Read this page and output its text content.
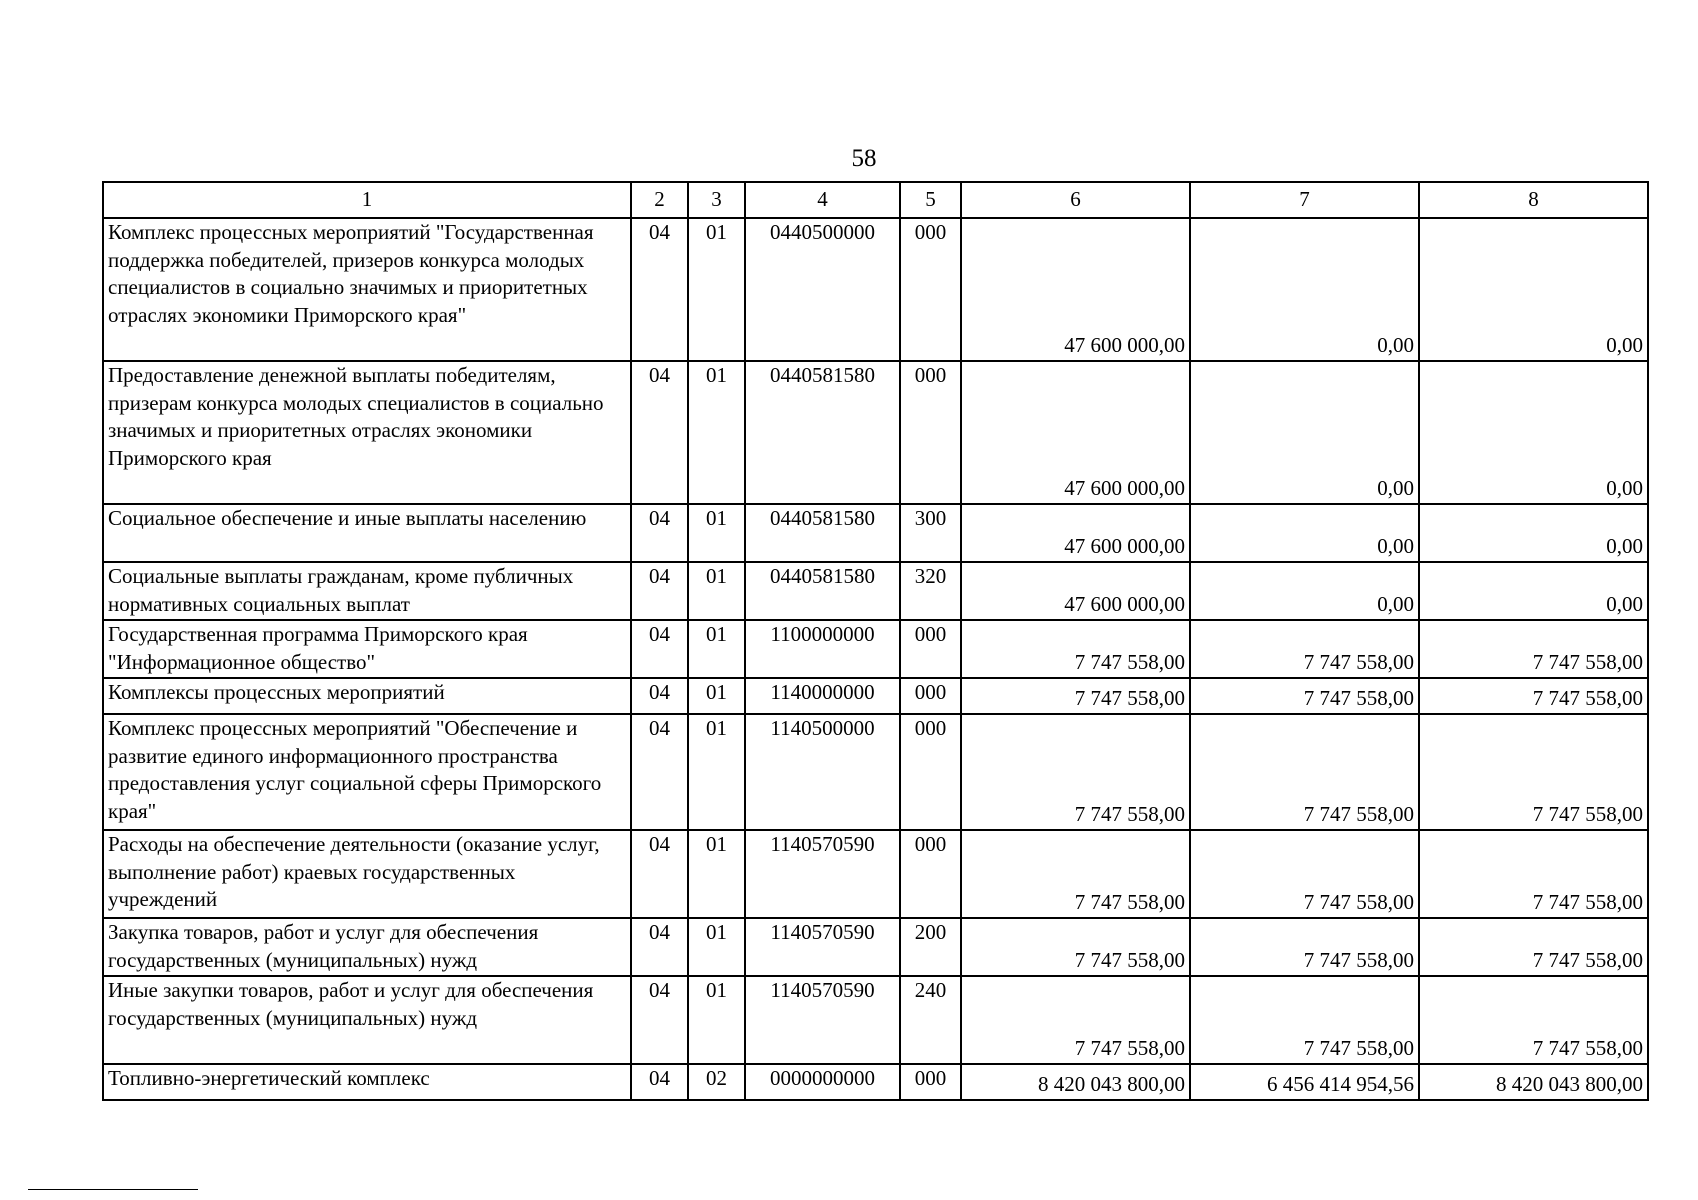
58
1	2	3	4	5	6	7	8
Комплекс процессных мероприятий "Государственная поддержка победителей, призеров конкурса молодых специалистов в социально значимых и приоритетных отраслях экономики Приморского края"	04	01	0440500000	000	47 600 000,00	0,00	0,00
Предоставление денежной выплаты победителям, призерам конкурса молодых специалистов в социально значимых и приоритетных отраслях экономики Приморского края	04	01	0440581580	000	47 600 000,00	0,00	0,00
Социальное обеспечение и иные выплаты населению	04	01	0440581580	300	47 600 000,00	0,00	0,00
Социальные выплаты гражданам, кроме публичных нормативных социальных выплат	04	01	0440581580	320	47 600 000,00	0,00	0,00
Государственная программа Приморского края "Информационное общество"	04	01	1100000000	000	7 747 558,00	7 747 558,00	7 747 558,00
Комплексы процессных мероприятий	04	01	1140000000	000	7 747 558,00	7 747 558,00	7 747 558,00
Комплекс процессных мероприятий "Обеспечение и развитие единого информационного пространства предоставления услуг социальной сферы Приморского края"	04	01	1140500000	000	7 747 558,00	7 747 558,00	7 747 558,00
Расходы на обеспечение деятельности (оказание услуг, выполнение работ) краевых государственных учреждений	04	01	1140570590	000	7 747 558,00	7 747 558,00	7 747 558,00
Закупка товаров, работ и услуг для обеспечения государственных (муниципальных) нужд	04	01	1140570590	200	7 747 558,00	7 747 558,00	7 747 558,00
Иные закупки товаров, работ и услуг для обеспечения государственных (муниципальных) нужд	04	01	1140570590	240	7 747 558,00	7 747 558,00	7 747 558,00
Топливно-энергетический комплекс	04	02	0000000000	000	8 420 043 800,00	6 456 414 954,56	8 420 043 800,00
